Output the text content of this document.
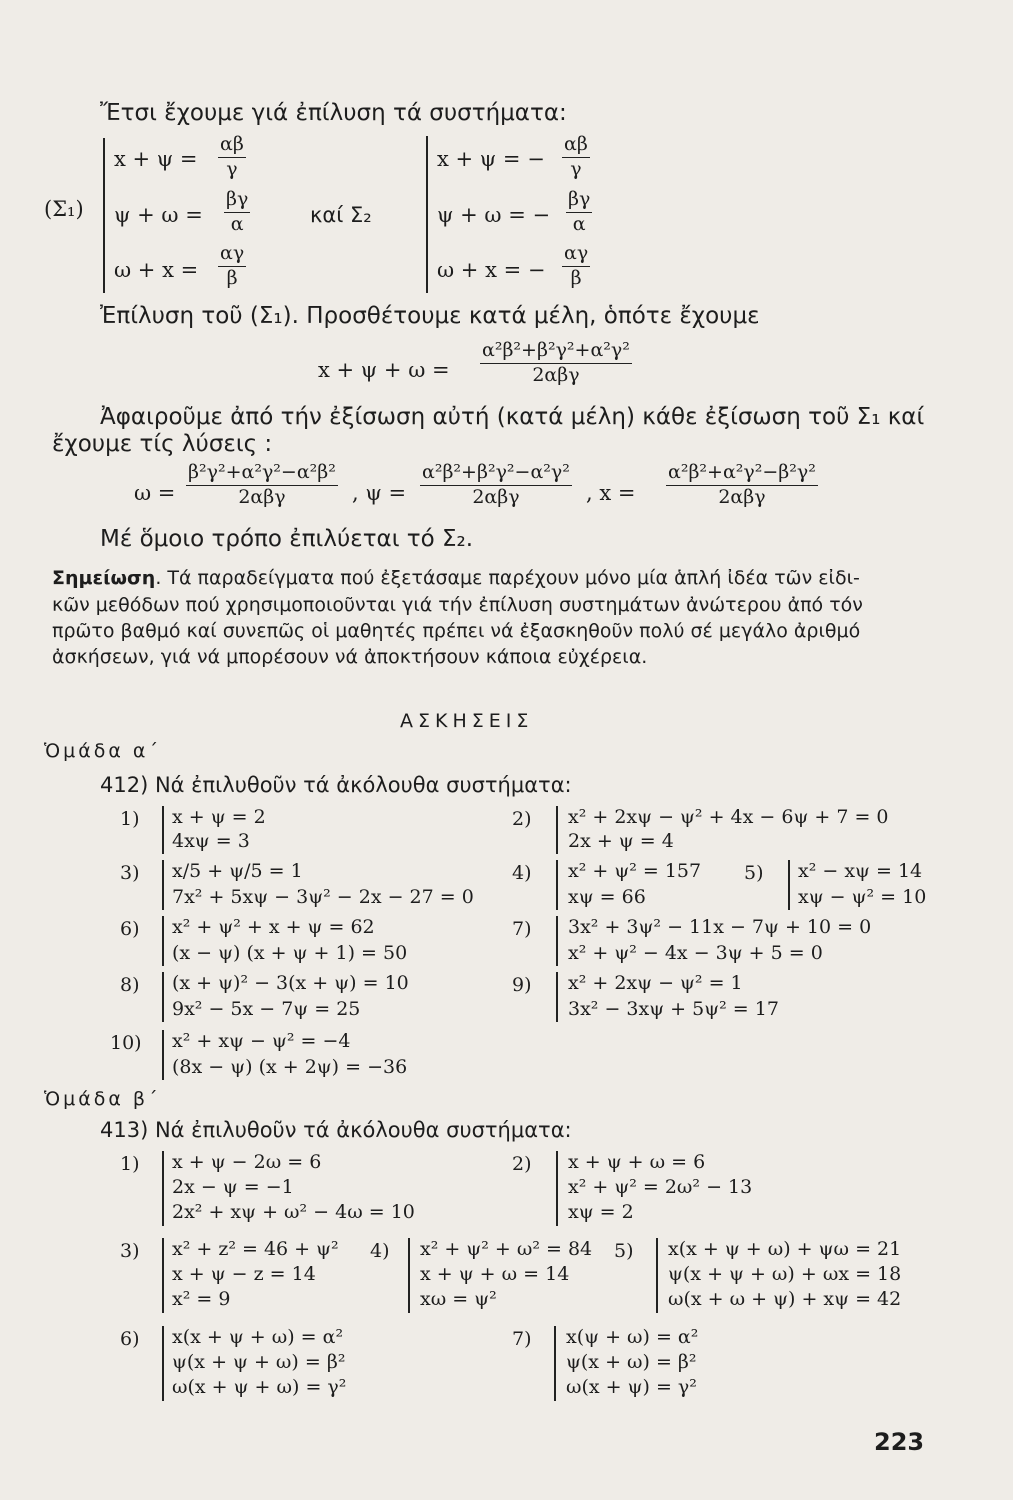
Ἔτσι ἔχουμε γιά ἐπίλυση τά συστήματα:
(Σ₁)
x + ψ =
αβ
γ
ψ + ω =
βγ
α
ω + x =
αγ
β
καί Σ₂
x + ψ = −
αβ
γ
ψ + ω = −
βγ
α
ω + x = −
αγ
β
Ἐπίλυση τοῦ (Σ₁). Προσθέτουμε κατά μέλη, ὁπότε ἔχουμε
x + ψ + ω =
α²β²+β²γ²+α²γ²
2αβγ
Ἀφαιροῦμε ἀπό τήν ἐξίσωση αὐτή (κατά μέλη) κάθε ἐξίσωση τοῦ Σ₁ καί
ἔχουμε τίς λύσεις :
ω =
β²γ²+α²γ²−α²β²
2αβγ	, ψ =
α²β²+β²γ²−α²γ²
2αβγ	, x =
α²β²+α²γ²−β²γ²
2αβγ
Μέ ὅμοιο τρόπο ἐπιλύεται τό Σ₂.
Σημείωση. Τά παραδείγματα πού ἐξετάσαμε παρέχουν μόνο μία ἁπλή ἰδέα τῶν εἰδι-
κῶν μεθόδων πού χρησιμοποιοῦνται γιά τήν ἐπίλυση συστημάτων ἀνώτερου ἀπό τόν
πρῶτο βαθμό καί συνεπῶς οἱ μαθητές πρέπει νά ἐξασκηθοῦν πολύ σέ μεγάλο ἀριθμό
ἀσκήσεων, γιά νά μπορέσουν νά ἀποκτήσουν κάποια εὐχέρεια.
ΑΣΚΗΣΕΙΣ
Ὁμάδα α΄
412) Νά ἐπιλυθοῦν τά ἀκόλουθα συστήματα:
1) x + ψ = 2
4xψ = 3
2) x² + 2xψ − ψ² + 4x − 6ψ + 7 = 0
2x + ψ = 4
3) x/5 + ψ/5 = 1
7x² + 5xψ − 3ψ² − 2x − 27 = 0
4) x² + ψ² = 157
xψ = 66
5) x² − xψ = 14
xψ − ψ² = 10
6) x² + ψ² + x + ψ = 62
(x − ψ) (x + ψ + 1) = 50
7) 3x² + 3ψ² − 11x − 7ψ + 10 = 0
x² + ψ² − 4x − 3ψ + 5 = 0
8) (x + ψ)² − 3(x + ψ) = 10
9x² − 5x − 7ψ = 25
9) x² + 2xψ − ψ² = 1
3x² − 3xψ + 5ψ² = 17
10) x² + xψ − ψ² = −4
(8x − ψ) (x + 2ψ) = −36
Ὁμάδα β΄
413) Νά ἐπιλυθοῦν τά ἀκόλουθα συστήματα:
1) x + ψ − 2ω = 6
2x − ψ = −1
2x² + xψ + ω² − 4ω = 10
2) x + ψ + ω = 6
x² + ψ² = 2ω² − 13
xψ = 2
3) x² + z² = 46 + ψ²
x + ψ − z = 14
x² = 9
4) x² + ψ² + ω² = 84
x + ψ + ω = 14
xω = ψ²
5) x(x + ψ + ω) + ψω = 21
ψ(x + ψ + ω) + ωx = 18
ω(x + ω + ψ) + xψ = 42
6) x(x + ψ + ω) = α²
ψ(x + ψ + ω) = β²
ω(x + ψ + ω) = γ²
7) x(ψ + ω) = α²
ψ(x + ω) = β²
ω(x + ψ) = γ²
223
